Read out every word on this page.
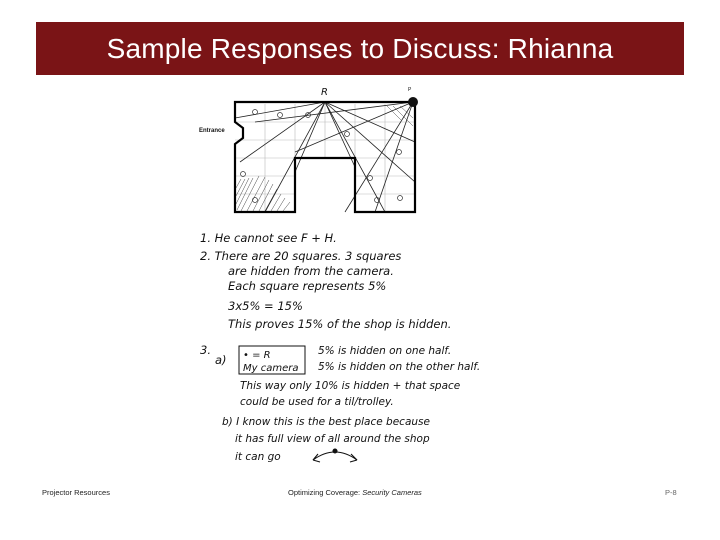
Sample Responses to Discuss: Rhianna
Entrance
R	P
1. He cannot see F + H.
2. There are 20 squares. 3 squares
are hidden from the camera.
Each square represents 5%
3x5% = 15%
This proves 15% of the shop is hidden.
3.
a) • = R
My camera
5% is hidden on one half.
5% is hidden on the other half.
This way only 10% is hidden + that space
could be used for a til/trolley.
b) I know this is the best place because
it has full view of all around the shop
it can go
Projector Resources	Optimizing Coverage: Security Cameras	P-8
